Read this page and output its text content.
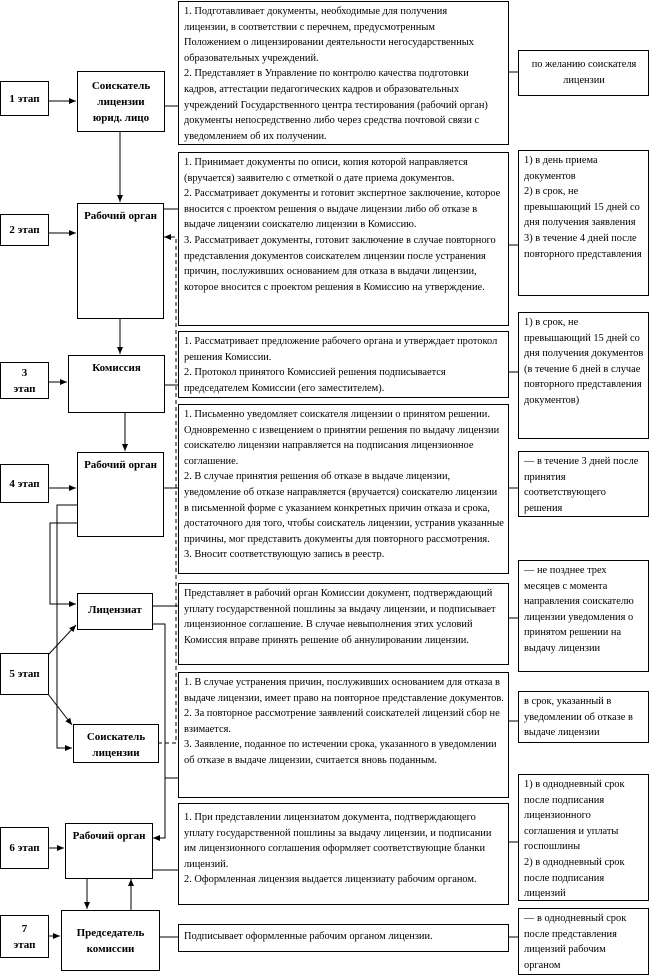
1 этап
2 этап
3 этап
4 этап
5 этап
6 этап
7 этап
Соискатель лицензии юрид. лицо
Рабочий орган
Комиссия
Рабочий орган
Лицензиат
Соискатель лицензии
Рабочий орган
Председатель комиссии
1. Подготавливает документы, необходимые для получения
лицензии, в соответствии с перечнем, предусмотренным
Положением о лицензировании деятельности негосударственных образовательных учреждений.
2. Представляет в Управление по контролю качества подготовки кадров, аттестации педагогических кадров и образовательных учреждений Государственного центра тестирования (рабочий орган) документы непосредственно либо через средства почтовой связи с уведомлением об их получении.
1. Принимает документы по описи, копия которой направляется (вручается) заявителю с отметкой о дате приема документов.
2. Рассматривает документы и готовит экспертное заключение, которое вносится с проектом решения о выдаче лицензии либо об отказе в выдаче лицензии соискателю лицензии в Комиссию.
3. Рассматривает документы, готовит заключение в случае повторного представления документов соискателем лицензии после устранения причин, послуживших основанием для отказа в выдачи лицензии, которое вносится с проектом решения в Комиссию на утверждение.
1. Рассматривает предложение рабочего органа и утверждает протокол решения Комиссии.
2. Протокол принятого Комиссией решения подписывается председателем Комиссии (его заместителем).
1. Письменно уведомляет соискателя лицензии о принятом решении. Одновременно с извещением о принятии решения по выдачу лицензии соискателю лицензии направляется на подписания лицензионное соглашение.
2. В случае принятия решения об отказе в выдаче лицензии, уведомление об отказе направляется (вручается) соискателю лицензии в письменной форме с указанием конкретных причин отказа и срока, достаточного для того, чтобы соискатель лицензии, устранив указанные причины, мог представить документы для повторного рассмотрения.
3. Вносит соответствующую запись в реестр.
Представляет в рабочий орган Комиссии документ, подтверждающий уплату государственной пошлины за выдачу лицензии, и подписывает лицензионное соглашение. В случае невыполнения этих условий Комиссия вправе принять решение об аннулировании лицензии.
1. В случае устранения причин, послуживших основанием для отказа в выдаче лицензии, имеет право на повторное представление документов.
2. За повторное рассмотрение заявлений соискателей лицензий сбор не взимается.
3. Заявление, поданное по истечении срока, указанного в уведомлении об отказе в выдаче лицензии, считается вновь поданным.
1. При представлении лицензиатом документа, подтверждающего уплату государственной пошлины за выдачу лицензии, и подписании им лицензионного соглашения оформляет соответствующие бланки лицензий.
2. Оформленная лицензия выдается лицензиату рабочим органом.
Подписывает оформленные рабочим органом лицензии.
по желанию соискателя лицензии
1) в день приема документов
2) в срок, не превышающий 15 дней со дня получения заявления
3) в течение 4 дней после повторного представления
1) в срок, не превышающий 15 дней со дня получения документов (в течение 6 дней в случае повторного представления документов)
— в течение 3 дней после принятия соответствующего решения
— не позднее трех месяцев с момента направления соискателю лицензии уведомления о принятом решении на выдачу лицензии
в срок, указанный в уведомлении об отказе в выдаче лицензии
1) в однодневный срок после подписания лицензионного соглашения и уплаты госпошлины
2) в однодневный срок после подписания лицензий
— в однодневный срок после представления лицензий рабочим органом
